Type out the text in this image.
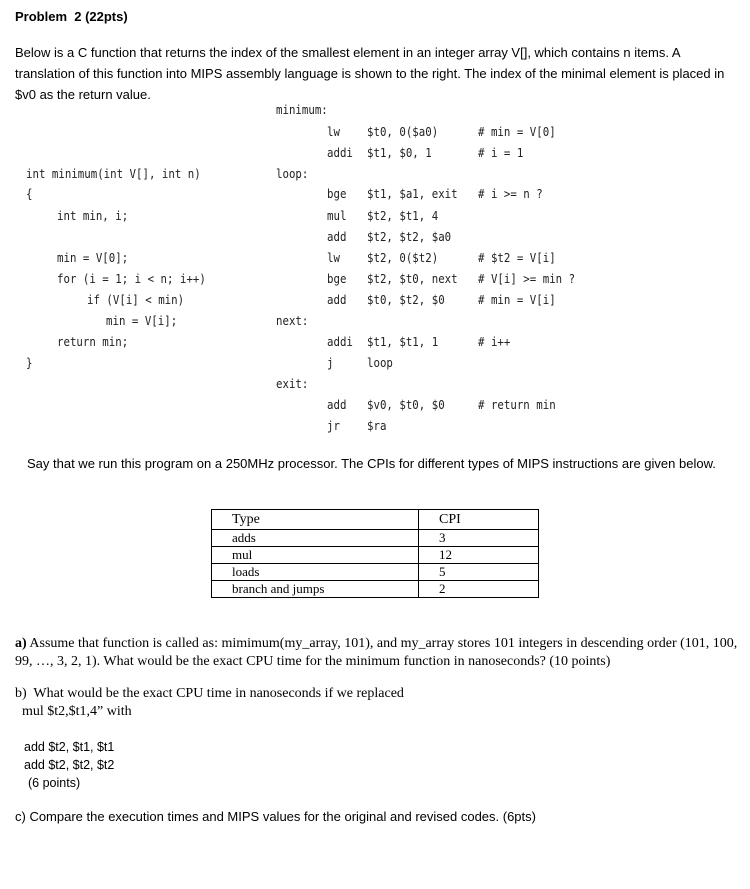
Problem  2 (22pts)
Below is a C function that returns the index of the smallest element in an integer array V[], which contains n items. A translation of this function into MIPS assembly language is shown to the right. The index of the minimal element is placed in $v0 as the return value.
int minimum(int V[], int n)
{
int min, i;
min = V[0];
for (i = 1; i < n; i++)
if (V[i] < min)
min = V[i];
return min;
}
minimum:
loop:
next:
exit:
lw $t0, 0($a0)	# min = V[0]
addi $t1, $0, 1	# i = 1
bge $t1, $a1, exit # i >= n ?
mul $t2, $t1, 4
add $t2, $t2, $a0
lw $t2, 0($t2)	# $t2 = V[i]
bge $t2, $t0, next # V[i] >= min ?
add $t0, $t2, $0	# min = V[i]
addi $t1, $t1, 1	# i++
j	loop
add $v0, $t0, $0	# return min
jr $ra
Say that we run this program on a 250MHz processor. The CPIs for different types of MIPS instructions are given below.
Type	CPI
adds	3
mul	12
loads	5
branch and jumps	2
a) Assume that function is called as: mimimum(my_array, 101), and my_array stores 101 integers in descending order (101, 100, 99, …, 3, 2, 1). What would be the exact CPU time for the minimum function in nanoseconds? (10 points)
b)  What would be the exact CPU time in nanoseconds if we replaced
mul $t2,$t1,4” with
add $t2, $t1, $t1
add $t2, $t2, $t2
(6 points)
c) Compare the execution times and MIPS values for the original and revised codes. (6pts)
